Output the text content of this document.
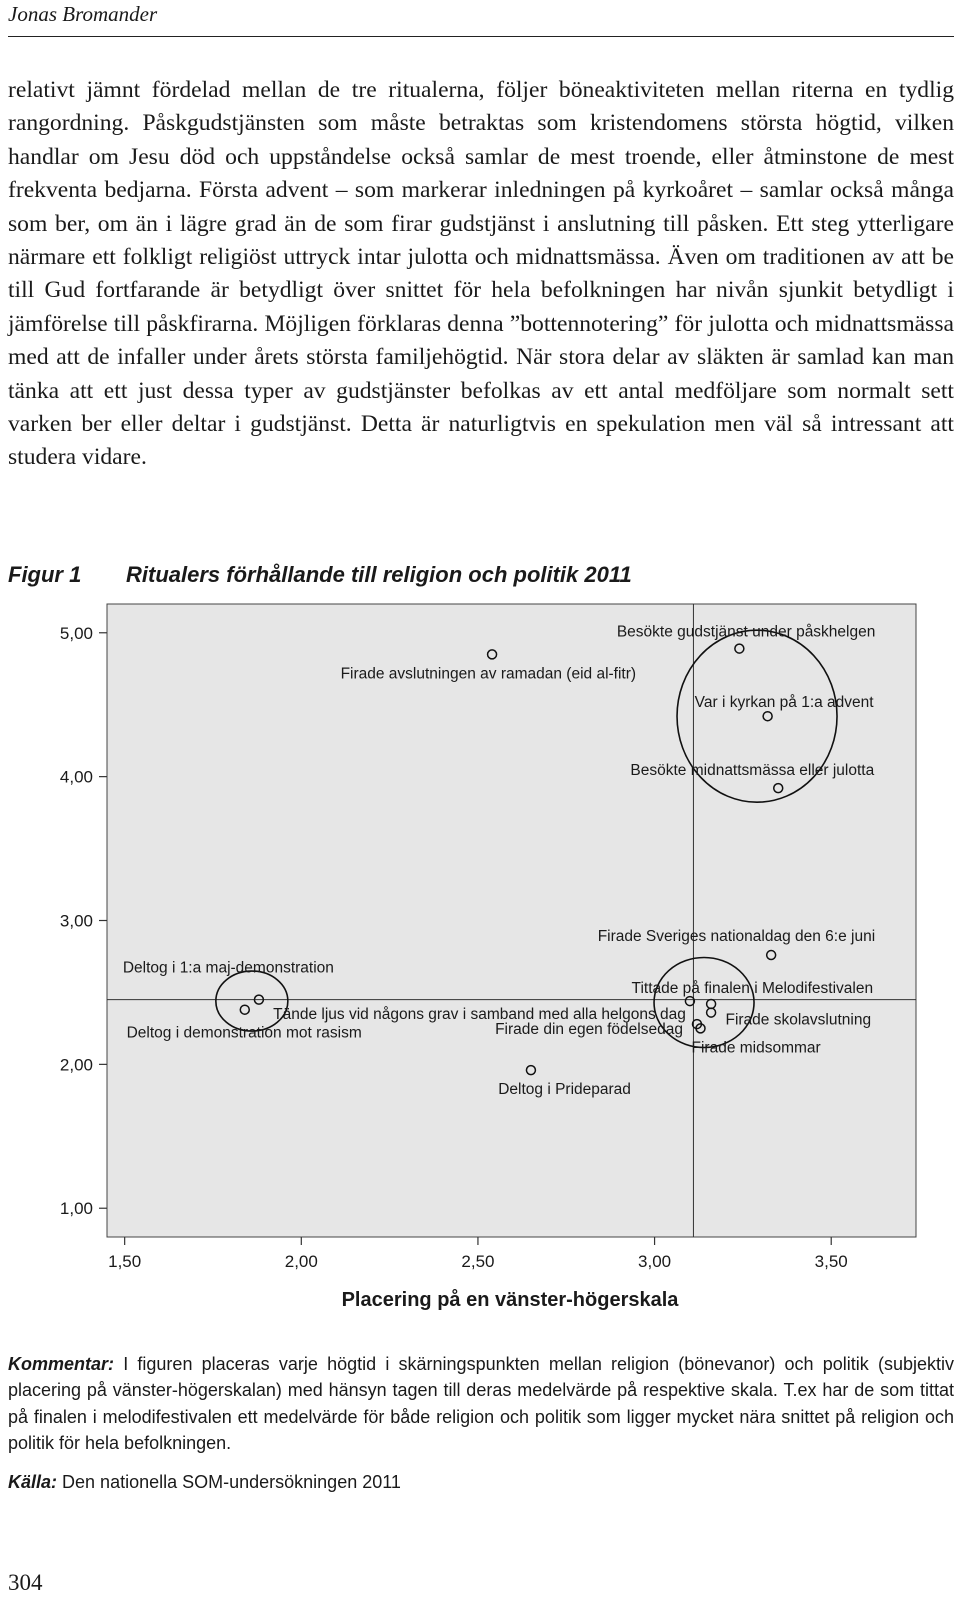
Jonas Bromander

relativt jämnt fördelad mellan de tre ritualerna, följer böneaktiviteten mellan riterna en tydlig rangordning. Påskgudstjänsten som måste betraktas som kristendomens största högtid, vilken handlar om Jesu död och uppståndelse också samlar de mest troende, eller åtminstone de mest frekventa bedjarna. Första advent – som markerar inledningen på kyrkoåret – samlar också många som ber, om än i lägre grad än de som firar gudstjänst i anslutning till påsken. Ett steg ytterligare närmare ett folkligt religiöst uttryck intar julotta och midnattsmässa. Även om traditionen av att be till Gud fortfarande är betydligt över snittet för hela befolkningen har nivån sjunkit betydligt i jämförelse till påskfirarna. Möjligen förklaras denna ”bottennotering” för julotta och midnattsmässa med att de infaller under årets största familjehögtid. När stora delar av släkten är samlad kan man tänka att ett just dessa typer av gudstjänster befolkas av ett antal medföljare som normalt sett varken ber eller deltar i gudstjänst. Detta är naturligtvis en spekulation men väl så intressant att studera vidare.

Figur 1 Ritualers förhållande till religion och politik 2011
1,00
2,00
3,00
4,00
5,00
1,50	2,00	2,50	3,00	3,50
Besökte gudstjänst under påskhelgen
Firade avslutningen av ramadan (eid al-fitr)
Var i kyrkan på 1:a advent
Besökte midnattsmässa eller julotta
Firade Sveriges nationaldag den 6:e juni
Tittade på finalen i Melodifestivalen
Tände ljus vid någons grav i samband med alla helgons dag	Firade skolavslutning
Firade din egen födelsedag
Firade midsommar
Deltog i 1:a maj-demonstration
Deltog i demonstration mot rasism
Deltog i Prideparad
Placering på en vänster-högerskala
Kommentar: I figuren placeras varje högtid i skärningspunkten mellan religion (bönevanor) och politik (subjektiv placering på vänster-högerskalan) med hänsyn tagen till deras medelvärde på respektive skala. T.ex har de som tittat på finalen i melodifestivalen ett medelvärde för både religion och politik som ligger mycket nära snittet på religion och politik för hela befolkningen.
Källa: Den nationella SOM-undersökningen 2011
304
